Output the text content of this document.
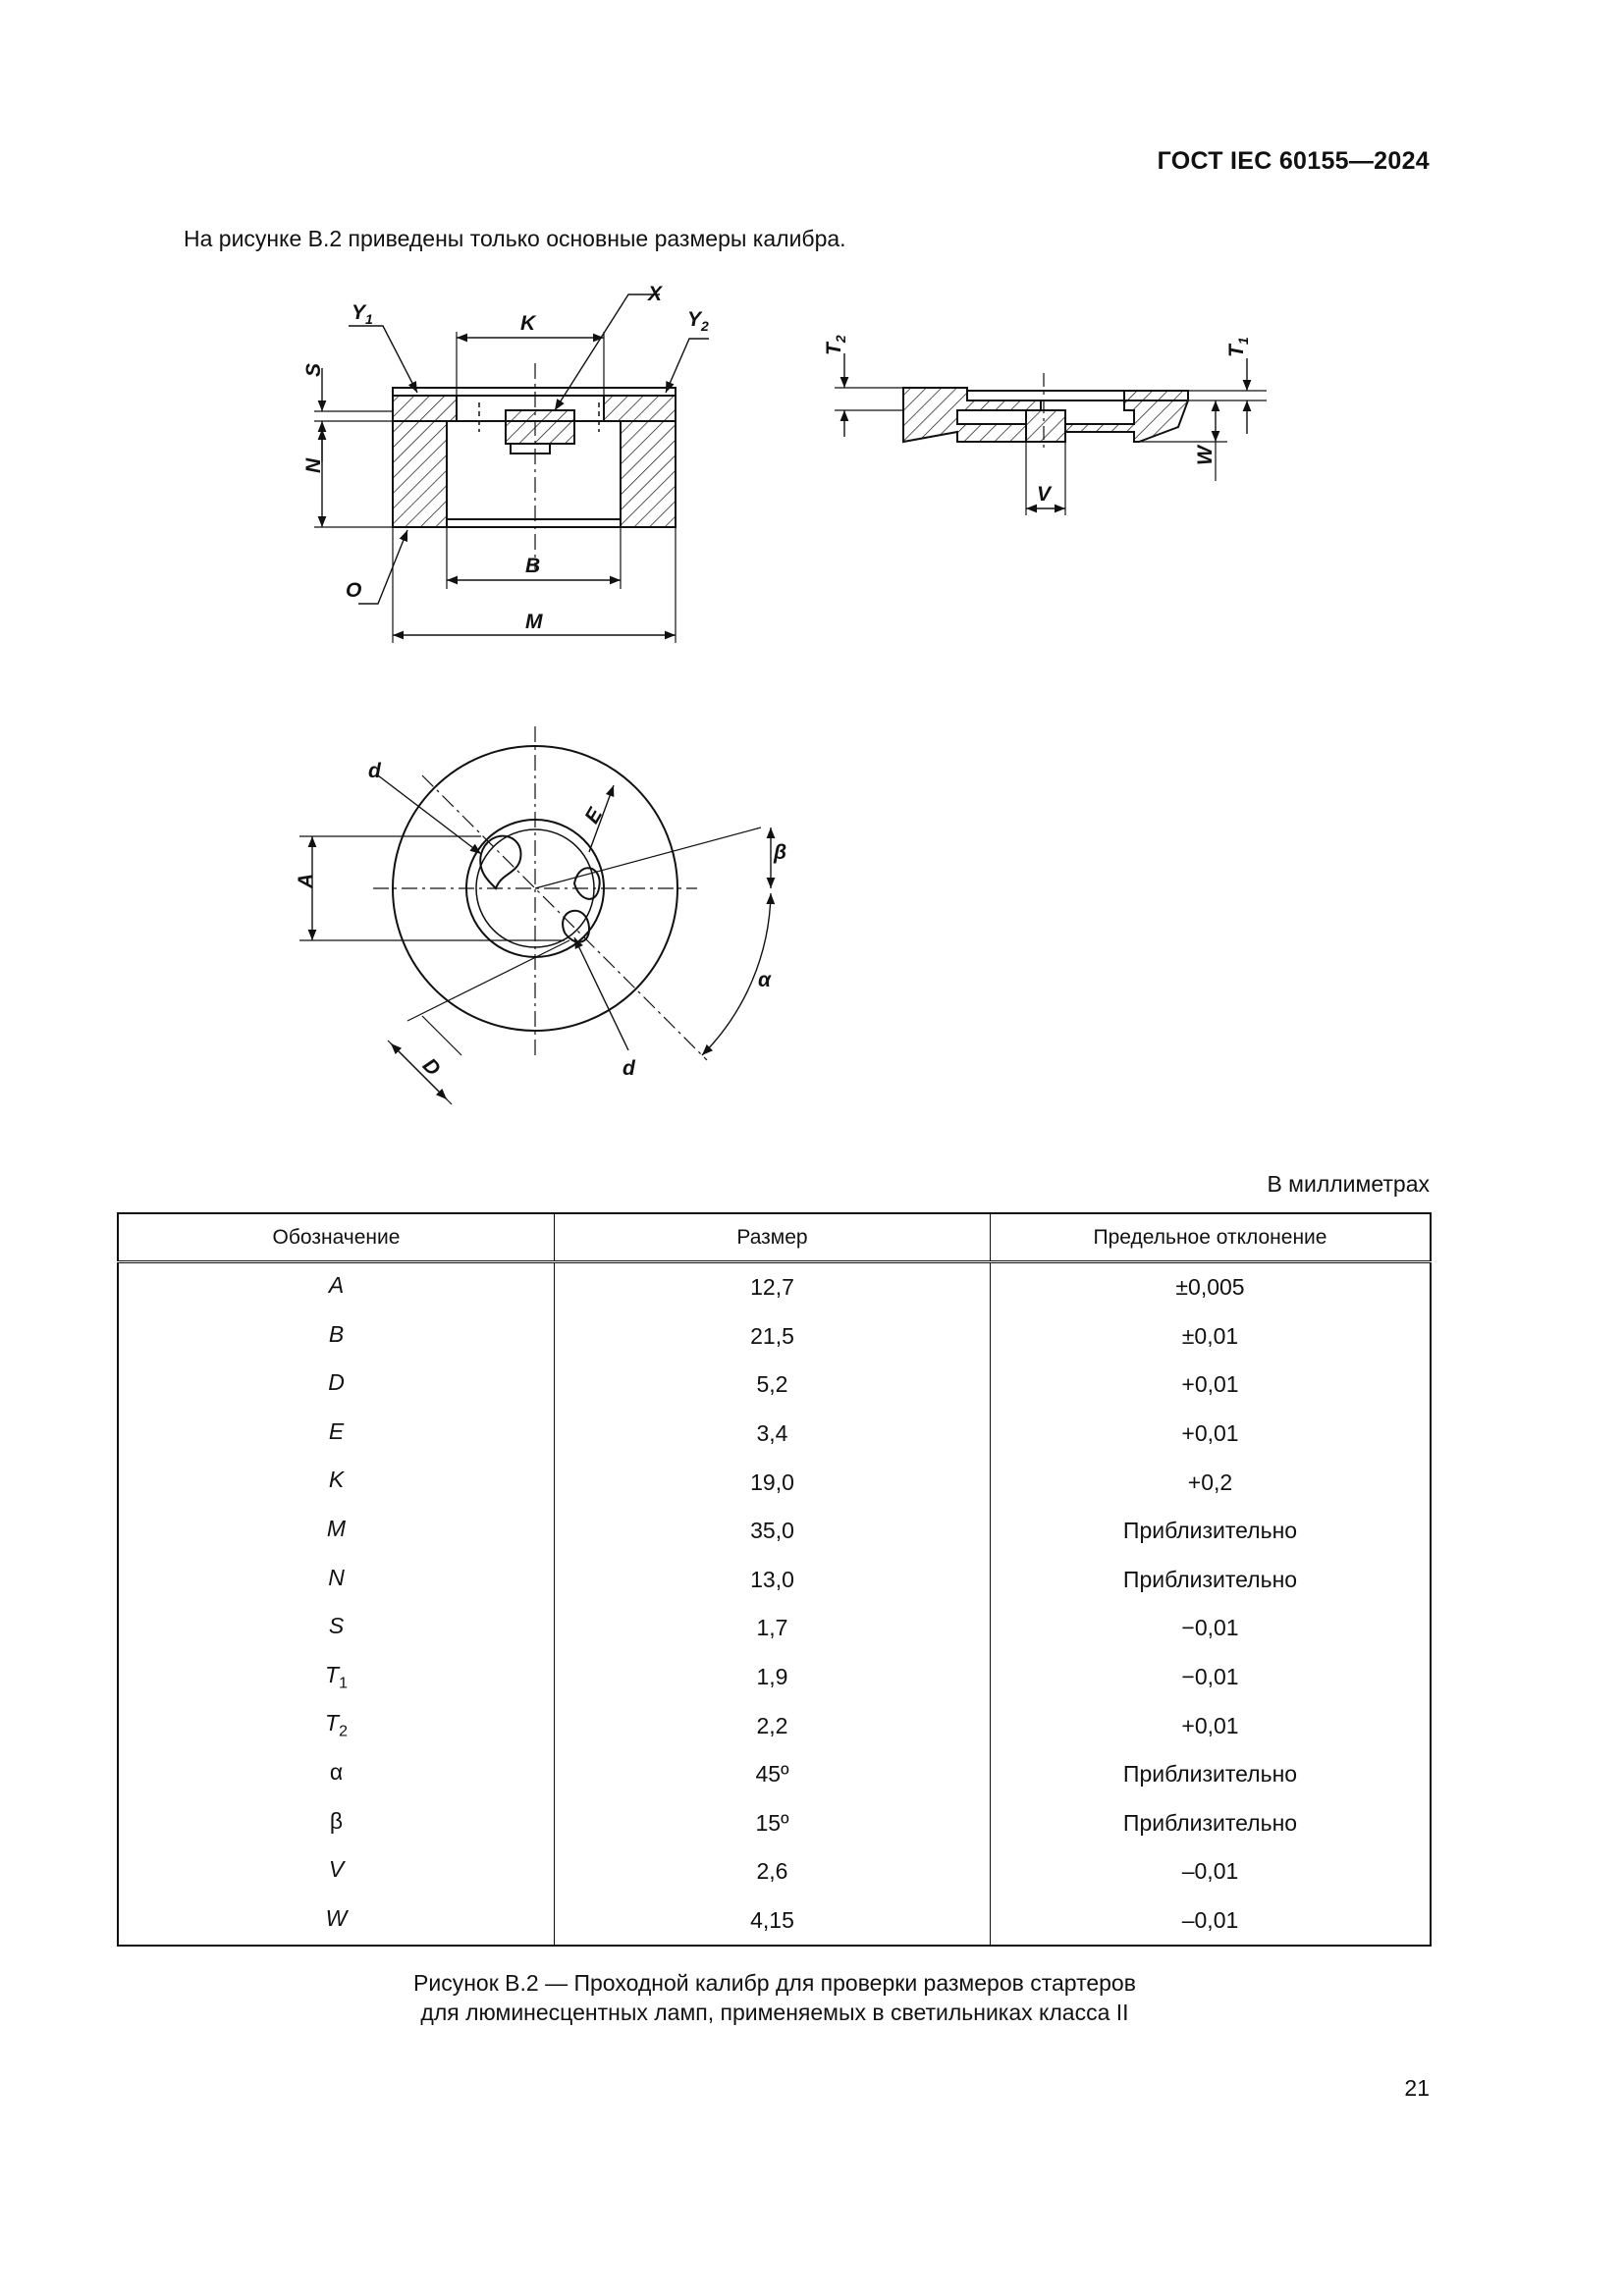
ГОСТ IEC 60155—2024
На рисунке B.2 приведены только основные размеры калибра.
$Y_1$	K
X
$Y_2$
S
N
O
B
M
$T_2$
$T_1$
V
W
d
E
β
A
α
D	d
В миллиметрах
Обозначение	Размер	Предельное отклонение
A	12,7	±0,005
B	21,5	±0,01
D	5,2	+0,01
E	3,4	+0,01
K	19,0	+0,2
M	35,0	Приблизительно
N	13,0	Приблизительно
S	1,7	−0,01
$T_1$	1,9	−0,01
$T_2$	2,2	+0,01
α	45º	Приблизительно
β	15º	Приблизительно
V	2,6	–0,01
W	4,15	–0,01
Рисунок B.2 — Проходной калибр для проверки размеров стартеров
для люминесцентных ламп, применяемых в светильниках класса II
21
